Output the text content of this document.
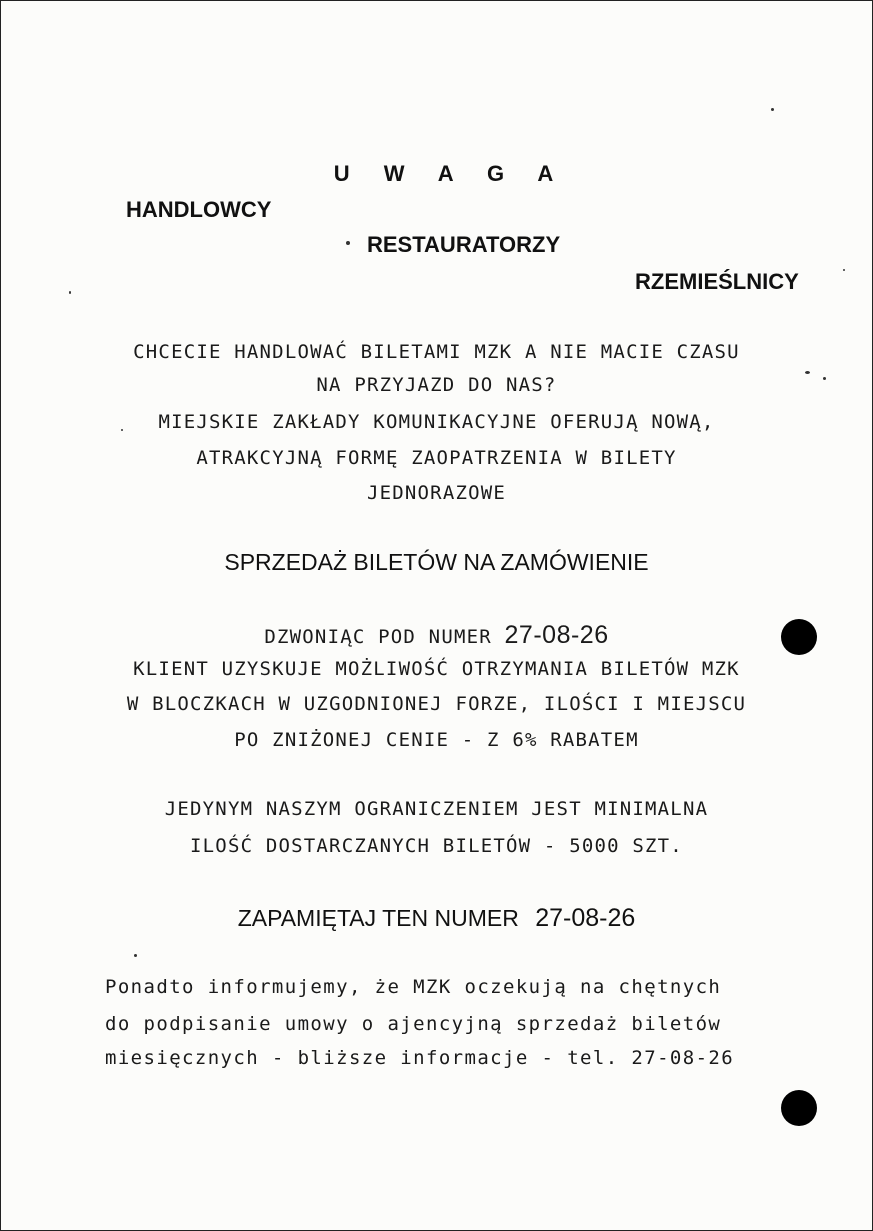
U W A G A
HANDLOWCY
RESTAURATORZY
RZEMIEŚLNICY
CHCECIE HANDLOWAĆ BILETAMI MZK A NIE MACIE CZASU
NA PRZYJAZD DO NAS?
MIEJSKIE ZAKŁADY KOMUNIKACYJNE OFERUJĄ NOWĄ,
ATRAKCYJNĄ FORMĘ ZAOPATRZENIA W BILETY
JEDNORAZOWE
SPRZEDAŻ BILETÓW NA ZAMÓWIENIE
DZWONIĄC POD NUMER 27-08-26
KLIENT UZYSKUJE MOŻLIWOŚĆ OTRZYMANIA BILETÓW MZK
W BLOCZKACH W UZGODNIONEJ FORZE, ILOŚCI I MIEJSCU
PO ZNIŻONEJ CENIE - Z 6% RABATEM
JEDYNYM NASZYM OGRANICZENIEM JEST MINIMALNA
ILOŚĆ DOSTARCZANYCH BILETÓW - 5000 SZT.
ZAPAMIĘTAJ TEN NUMER 27-08-26
Ponadto informujemy, że MZK oczekują na chętnych
do podpisanie umowy o ajencyjną sprzedaż biletów
miesięcznych - bliższe informacje - tel. 27-08-26
